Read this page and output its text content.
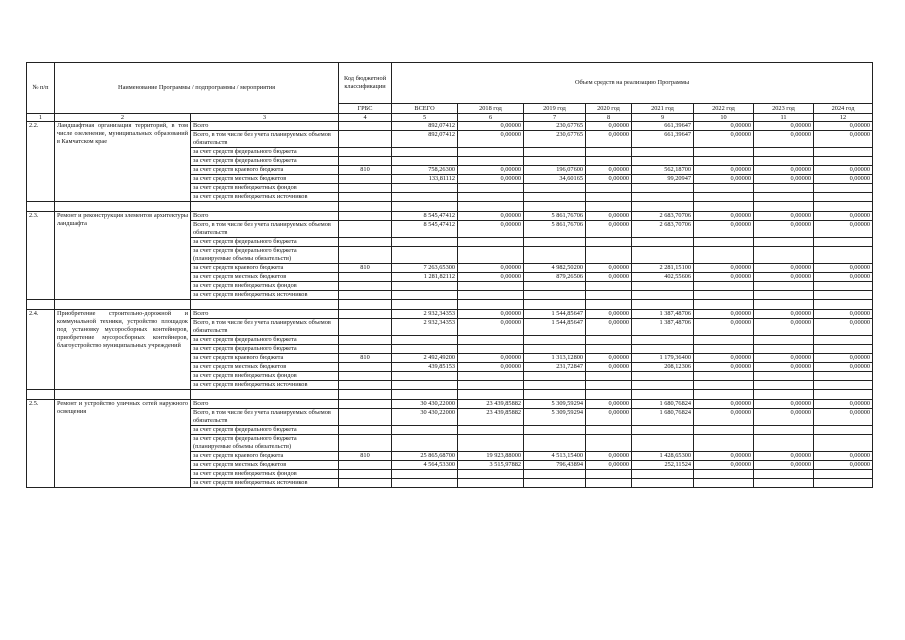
№ п/п	Наименование Программы / подпрограммы / мероприятия		Код бюджетной классификации	Объем средств на реализацию Программы							
			ГРБС	ВСЕГО	2018 год	2019 год	2020 год	2021 год	2022 год	2023 год	2024 год
1	2	3	4	5	6	7	8	9	10	11	12
2.2.	Ландшафтная организация территорий, в том числе озеленение, муниципальных образований в Камчатском крае	Всего		892,07412	0,00000	230,67765	0,00000	661,39647	0,00000	0,00000	0,00000
		Всего, в том числе без учета планируемых объемов обязательств		892,07412	0,00000	230,67765	0,00000	661,39647	0,00000	0,00000	0,00000
		за счет средств федерального бюджета									
		за счет средств федерального бюджета									
		за счет средств краевого бюджета	810	758,26300	0,00000	196,07600	0,00000	562,18700	0,00000	0,00000	0,00000
		за счет средств местных бюджетов		133,81112	0,00000	34,60165	0,00000	99,20947	0,00000	0,00000	0,00000
		за счет средств внебюджетных фондов									
		за счет средств внебюджетных источников									

2.3.	Ремонт и реконструкция элементов архитектуры ландшафта	Всего		8 545,47412	0,00000	5 861,76706	0,00000	2 683,70706	0,00000	0,00000	0,00000
		Всего, в том числе без учета планируемых объемов обязательств		8 545,47412	0,00000	5 861,76706	0,00000	2 683,70706	0,00000	0,00000	0,00000
		за счет средств федерального бюджета									
		за счет средств федерального бюджета (планируемые объемы обязательств)									
		за счет средств краевого бюджета	810	7 263,65300	0,00000	4 982,50200	0,00000	2 281,15100	0,00000	0,00000	0,00000
		за счет средств местных бюджетов		1 281,82112	0,00000	879,26506	0,00000	402,55606	0,00000	0,00000	0,00000
		за счет средств внебюджетных фондов									
		за счет средств внебюджетных источников									

2.4.	Приобретение строительно-дорожной и коммунальной техники, устройство площадок под установку мусоросборных контейнеров, приобретение мусоросборных контейнеров, благоустройство муниципальных учреждений	Всего		2 932,34353	0,00000	1 544,85647	0,00000	1 387,48706	0,00000	0,00000	0,00000
		Всего, в том числе без учета планируемых объемов обязательств		2 932,34353	0,00000	1 544,85647	0,00000	1 387,48706	0,00000	0,00000	0,00000
		за счет средств федерального бюджета									
		за счет средств федерального бюджета									
		за счет средств краевого бюджета	810	2 492,49200	0,00000	1 313,12800	0,00000	1 179,36400	0,00000	0,00000	0,00000
		за счет средств местных бюджетов		439,85153	0,00000	231,72847	0,00000	208,12306	0,00000	0,00000	0,00000
		за счет средств внебюджетных фондов									
		за счет средств внебюджетных источников									

2.5.	Ремонт и устройство уличных сетей наружного освещения	Всего		30 430,22000	23 439,85882	5 309,59294	0,00000	1 680,76824	0,00000	0,00000	0,00000
		Всего, в том числе без учета планируемых объемов обязательств		30 430,22000	23 439,85882	5 309,59294	0,00000	1 680,76824	0,00000	0,00000	0,00000
		за счет средств федерального бюджета									
		за счет средств федерального бюджета (планируемые объемы обязательств)									
		за счет средств краевого бюджета	810	25 865,68700	19 923,88000	4 513,15400	0,00000	1 428,65300	0,00000	0,00000	0,00000
		за счет средств местных бюджетов		4 564,53300	3 515,97882	796,43894	0,00000	252,11524	0,00000	0,00000	0,00000
		за счет средств внебюджетных фондов									
		за счет средств внебюджетных источников									
